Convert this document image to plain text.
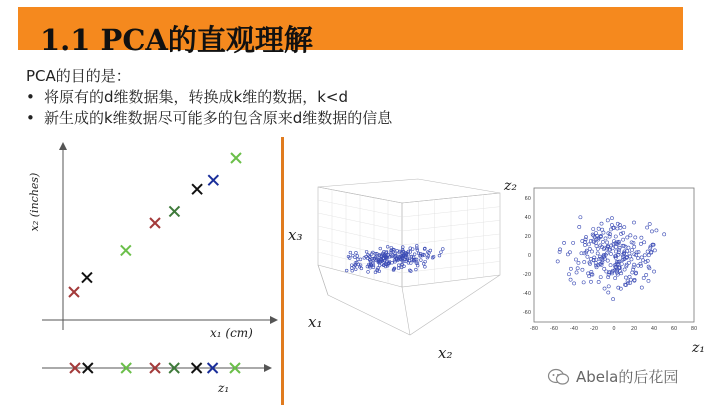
1.1 PCA的直观理解
PCA的目的是：
• 将原有的d维数据集，转换成k维的数据，k<d
• 新生成的k维数据尽可能多的包含原来d维数据的信息
x₂ (inches)
x₁ (cm)
z₁
x₃
x₁
x₂
z₂
60
40
20
0
-20
-40
-60
-80 -60 -40 -20	0	20	40	60	80
z₁
Abela的后花园
